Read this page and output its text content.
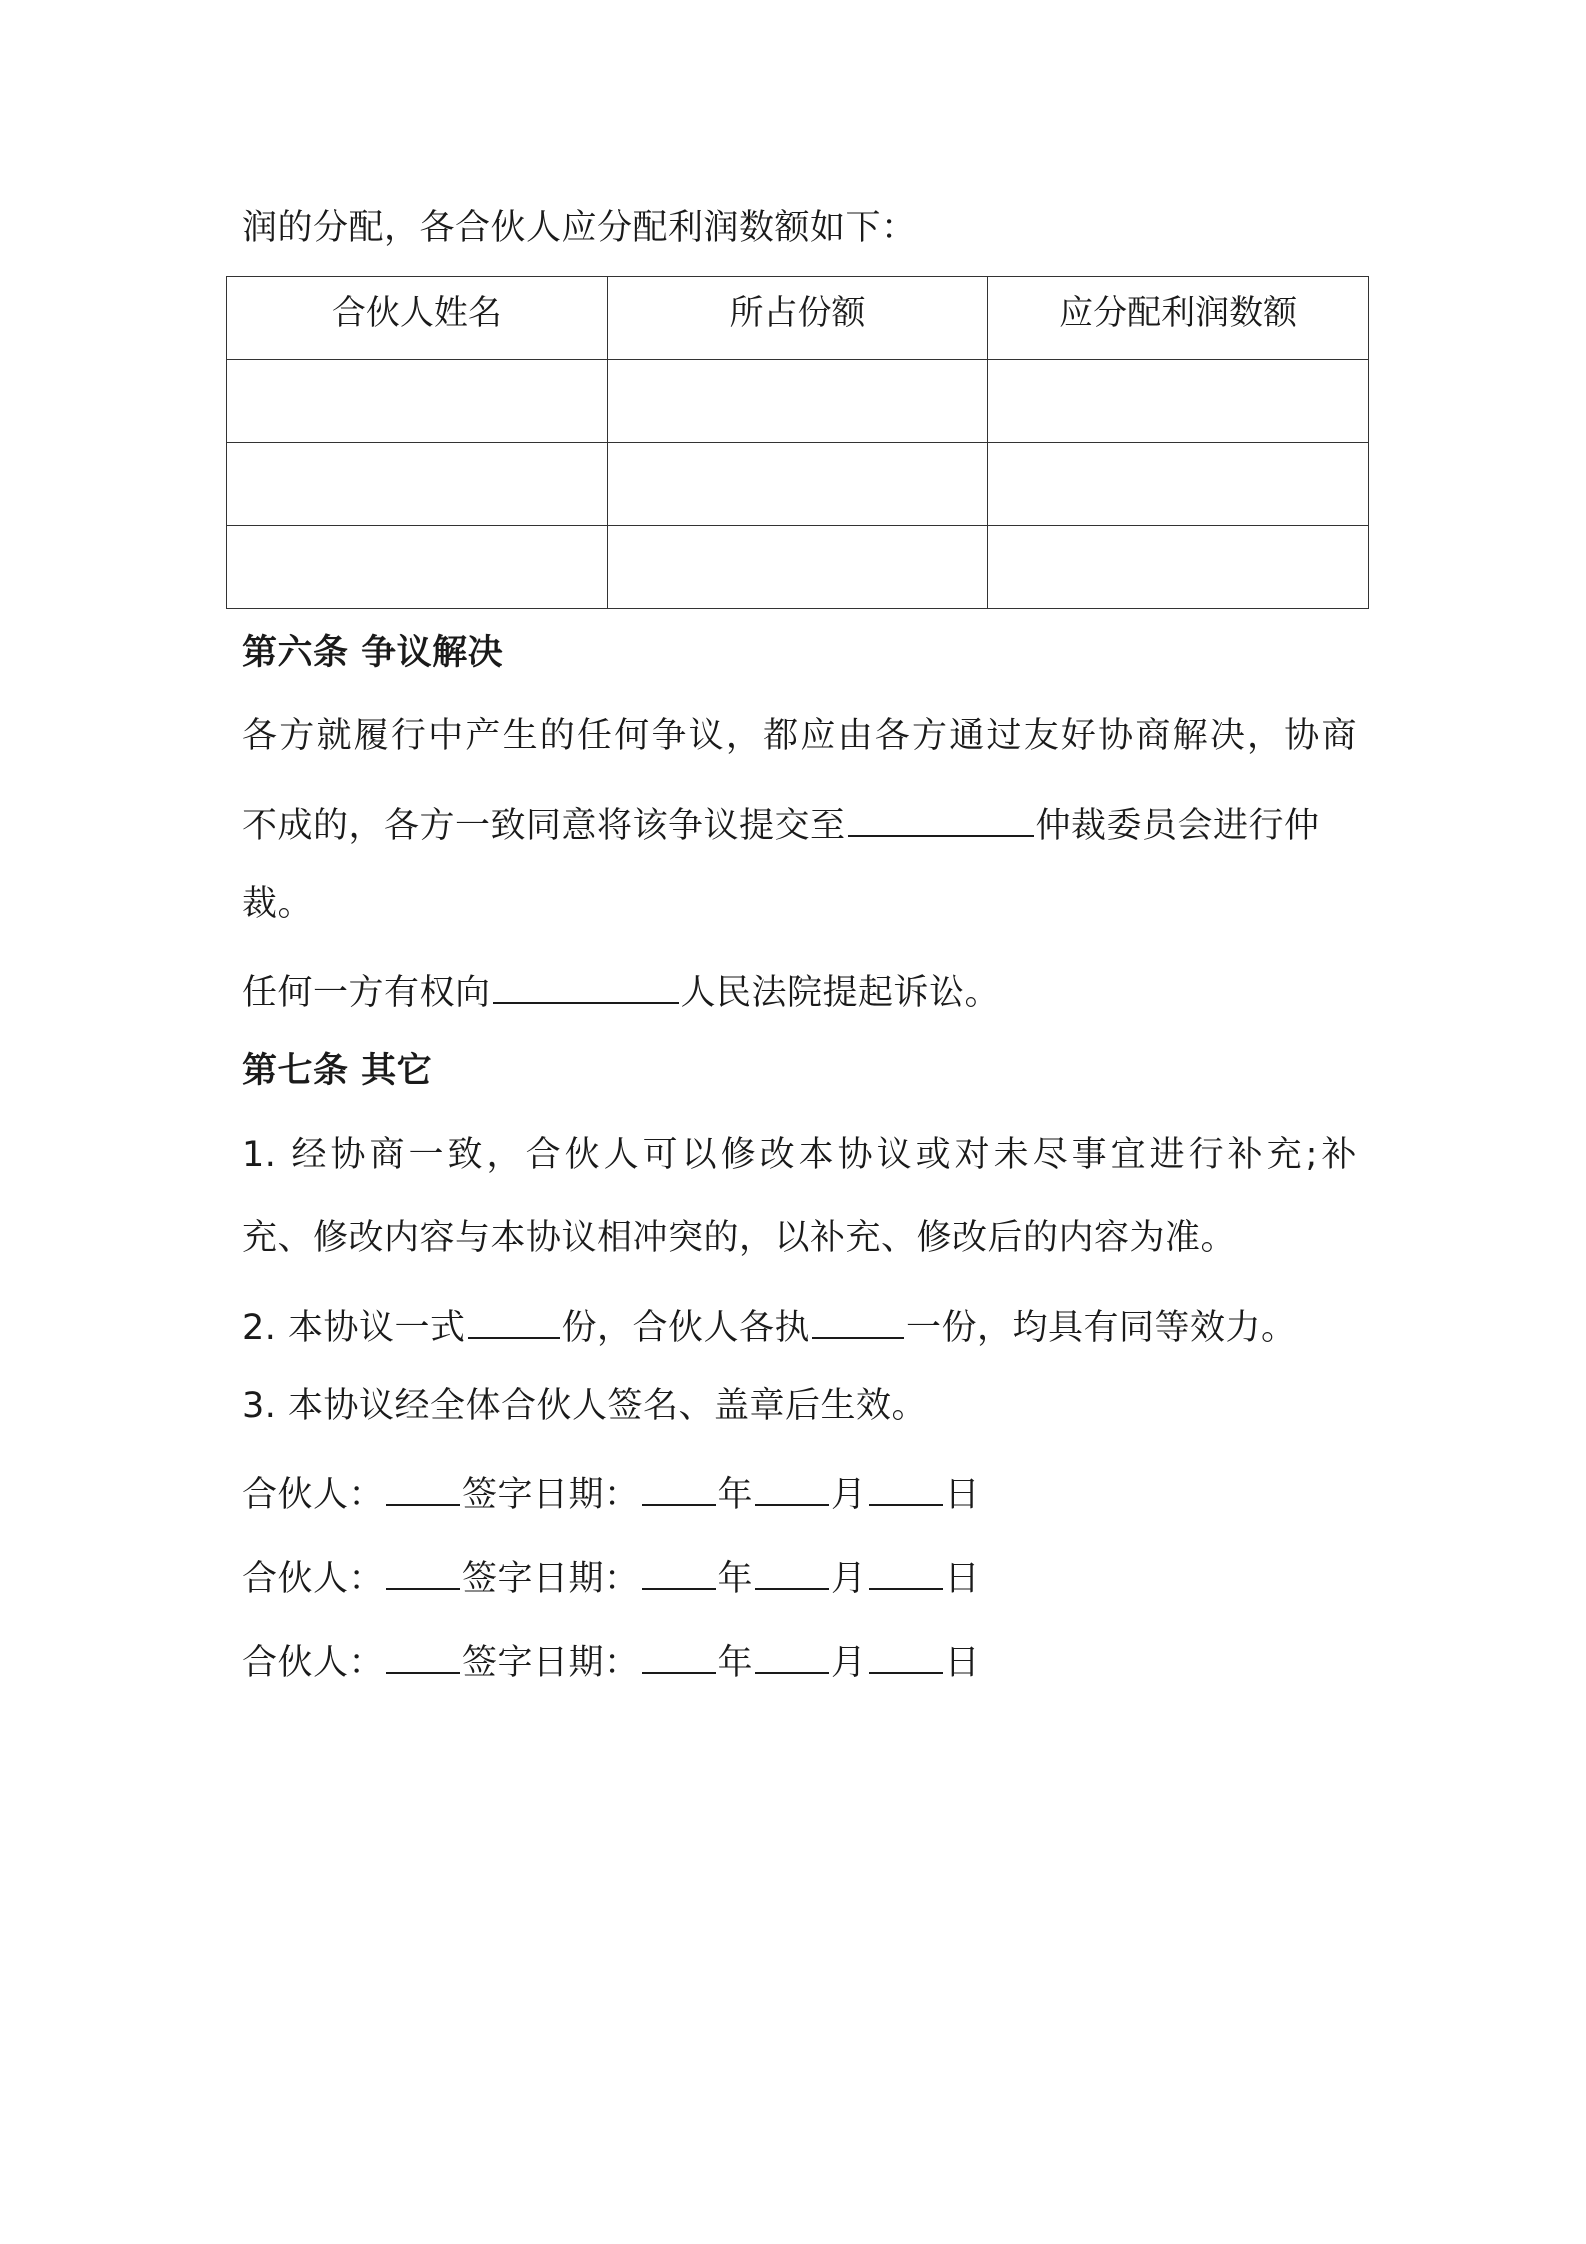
润的分配，各合伙人应分配利润数额如下：
合伙人姓名	所占份额	应分配利润数额

第六条 争议解决
各方就履行中产生的任何争议，都应由各方通过友好协商解决，协商
不成的，各方一致同意将该争议提交至	仲裁委员会进行仲
裁。
任何一方有权向	人民法院提起诉讼。
第七条 其它
1. 经协商一致，合伙人可以修改本协议或对未尽事宜进行补充;补
充、修改内容与本协议相冲突的，以补充、修改后的内容为准。
2. 本协议一式	份，合伙人各执	一份，均具有同等效力。
3. 本协议经全体合伙人签名、盖章后生效。
合伙人： 签字日期： 年 月 日
合伙人： 签字日期： 年 月 日
合伙人： 签字日期： 年 月 日
